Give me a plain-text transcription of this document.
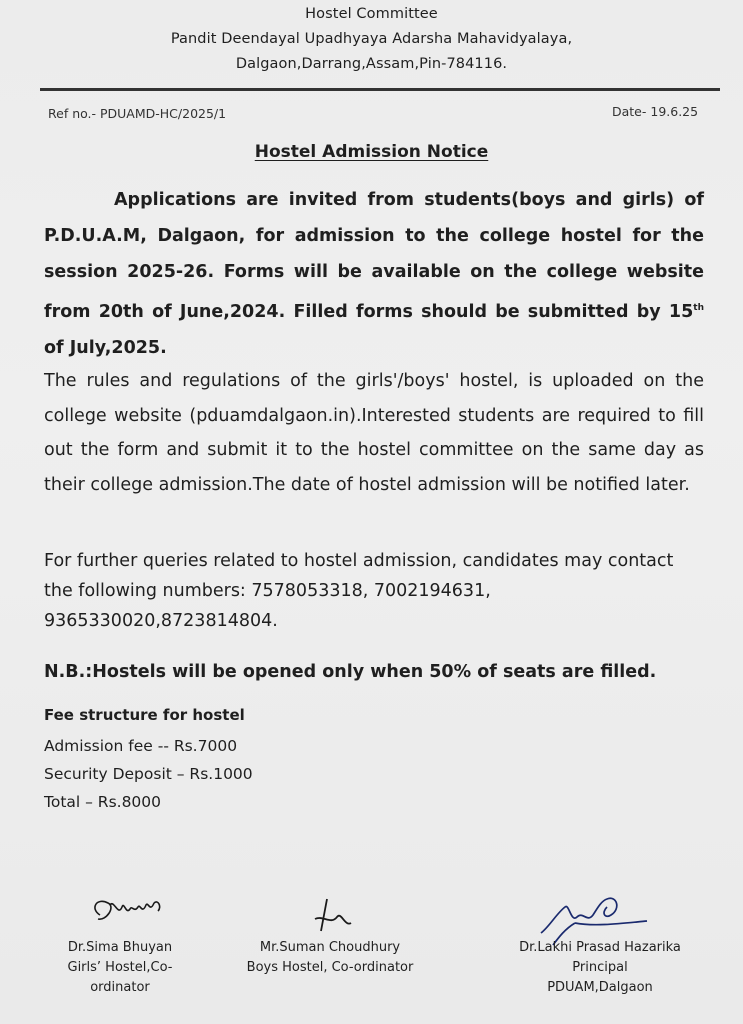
Hostel Committee
Pandit Deendayal Upadhyaya Adarsha Mahavidyalaya,
Dalgaon,Darrang,Assam,Pin-784116.
Ref no.- PDUAMD-HC/2025/1	Date- 19.6.25
Hostel Admission Notice
Applications are invited from students(boys and girls) of P.D.U.A.M, Dalgaon, for admission to the college hostel for the session 2025-26. Forms will be available on the college website from 20th of June,2024. Filled forms should be submitted by 15th of July,2025.
The rules and regulations of the girls'/boys' hostel, is uploaded on the college website (pduamdalgaon.in).Interested students are required to fill out the form and submit it to the hostel committee on the same day as their college admission.The date of hostel admission will be notified later.
For further queries related to hostel admission, candidates may contact the following numbers: 7578053318, 7002194631, 9365330020,8723814804.
N.B.:Hostels will be opened only when 50% of seats are filled.
Fee structure for hostel
Admission fee -- Rs.7000
Security Deposit – Rs.1000
Total – Rs.8000
Dr.Sima Bhuyan
Girls’ Hostel,Co-ordinator
Mr.Suman Choudhury
Boys Hostel, Co-ordinator
Dr.Lakhi Prasad Hazarika
Principal
PDUAM,Dalgaon
